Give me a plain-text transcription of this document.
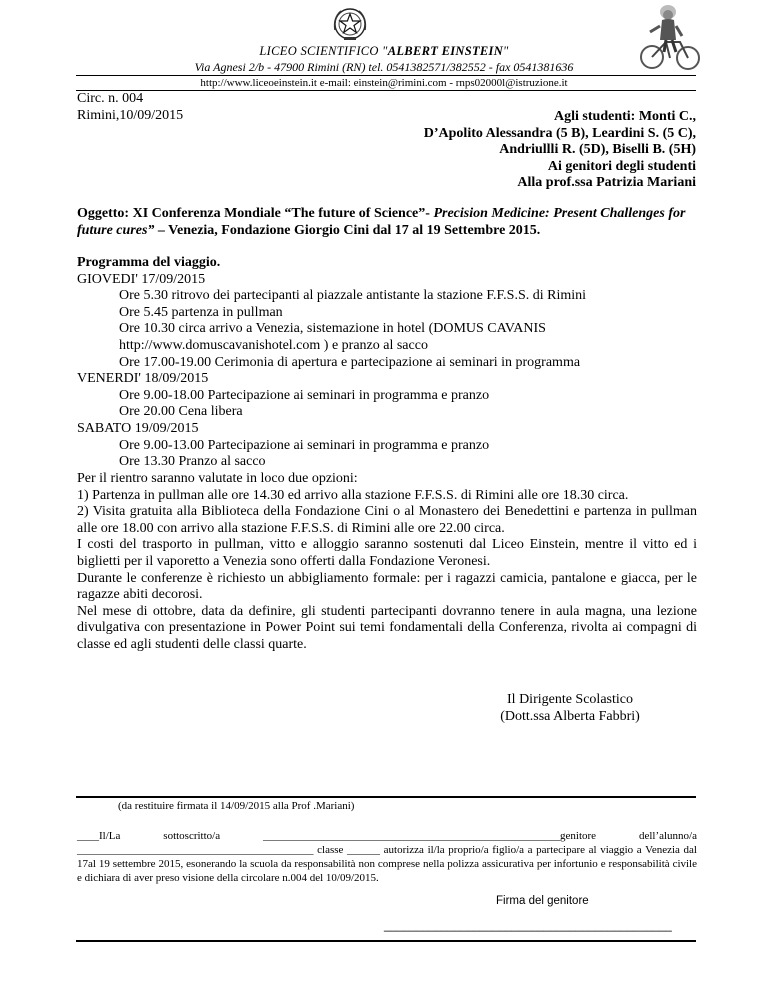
LICEO SCIENTIFICO "ALBERT EINSTEIN"
Via Agnesi 2/b - 47900 Rimini (RN) tel. 0541382571/382552 - fax 0541381636
http://www.liceoeinstein.it e-mail: einstein@rimini.com - rnps02000l@istruzione.it
Circ. n. 004
Rimini,10/09/2015	Agli studenti: Monti C.,
D’Apolito Alessandra (5 B), Leardini S. (5 C),
Andriullli R. (5D), Biselli B. (5H)
Ai genitori degli studenti
Alla prof.ssa Patrizia Mariani
Oggetto: XI Conferenza Mondiale “The future of Science”- Precision Medicine: Present Challenges for future cures” – Venezia, Fondazione Giorgio Cini dal 17 al 19 Settembre 2015.
Programma del viaggio.
GIOVEDI' 17/09/2015
Ore 5.30 ritrovo dei partecipanti al piazzale antistante la stazione F.F.S.S. di Rimini
Ore 5.45 partenza in pullman
Ore 10.30 circa arrivo a Venezia, sistemazione in hotel (DOMUS CAVANIS
http://www.domuscavanishotel.com ) e pranzo al sacco
Ore 17.00-19.00 Cerimonia di apertura e partecipazione ai seminari in programma
VENERDI' 18/09/2015
Ore 9.00-18.00 Partecipazione ai seminari in programma e pranzo
Ore 20.00 Cena libera
SABATO 19/09/2015
Ore 9.00-13.00 Partecipazione ai seminari in programma e pranzo
Ore 13.30 Pranzo al sacco
Per il rientro saranno valutate in loco due opzioni:
1) Partenza in pullman alle ore 14.30 ed arrivo alla stazione F.F.S.S. di Rimini alle ore 18.30 circa.
2) Visita gratuita alla Biblioteca della Fondazione Cini o al Monastero dei Benedettini e partenza in pullman alle ore 18.00 con arrivo alla stazione F.F.S.S. di Rimini alle ore 22.00 circa.
I costi del trasporto in pullman, vitto e alloggio saranno sostenuti dal Liceo Einstein, mentre il vitto ed i biglietti per il vaporetto a Venezia sono offerti dalla Fondazione Veronesi.
Durante le conferenze è richiesto un abbigliamento formale: per i ragazzi camicia, pantalone e giacca, per le ragazze abiti decorosi.
Nel mese di ottobre, data da definire, gli studenti partecipanti dovranno tenere in aula magna, una lezione divulgativa con presentazione in Power Point sui temi fondamentali della Conferenza, rivolta ai compagni di classe ed agli studenti delle classi quarte.
Il Dirigente Scolastico
(Dott.ssa Alberta Fabbri)
(da restituire firmata il 14/09/2015 alla Prof .Mariani)
____Il/La sottoscritto/a ______________________________________________________genitore dell’alunno/a ___________________________________________ classe ______ autorizza il/la proprio/a figlio/a a partecipare al viaggio a Venezia dal 17al 19 settembre 2015, esonerando la scuola da responsabilità non comprese nella polizza assicurativa per infortunio e responsabilità civile e dichiara di aver preso visione della circolare n.004 del 10/09/2015.
Firma del genitore
_____________________________________________
